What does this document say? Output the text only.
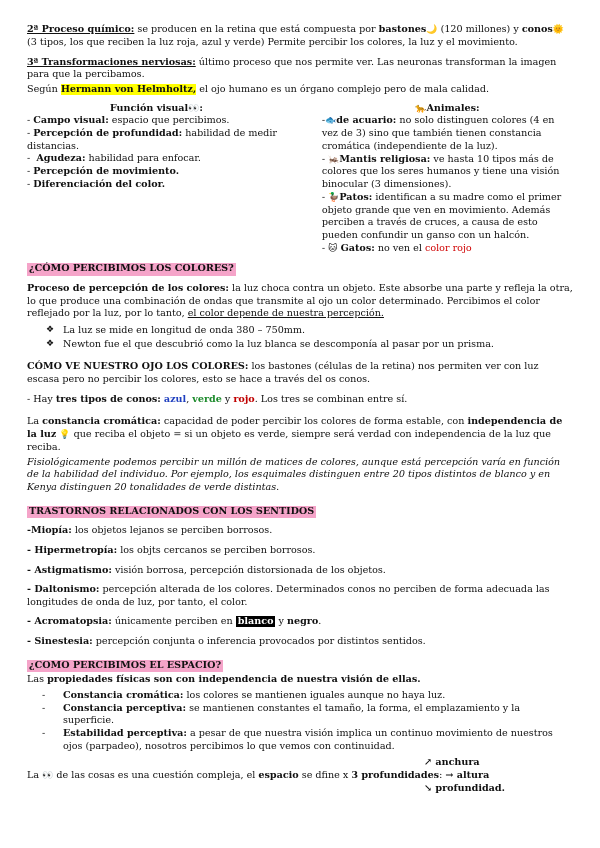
2ª Proceso químico: se producen en la retina que está compuesta por bastones🌙 (120 millones) y conos🌞 (3 tipos, los que reciben la luz roja, azul y verde) Permite percibir los colores, la luz y el movimiento.

3ª Transformaciones nerviosas: último proceso que nos permite ver. Las neuronas transforman la imagen para que la percibamos.

Según Hermann von Helmholtz, el ojo humano es un órgano complejo pero de mala calidad.

Función visual👀:

- Campo visual: espacio que percibimos.

- Percepción de profundidad: habilidad de medir distancias.

-  Agudeza: habilidad para enfocar.

- Percepción de movimiento.

- Diferenciación del color.

🐆Animales:

-🐟de acuario: no solo distinguen colores (4 en vez de 3) sino que también tienen constancia cromática (independiente de la luz).

- 🦗Mantis religiosa: ve hasta 10 tipos más de colores que los seres humanos y tiene una visión binocular (3 dimensiones).

- 🦆Patos: identifican a su madre como el primer objeto grande que ven en movimiento. Además perciben a través de cruces, a causa de esto pueden confundir un ganso con un halcón.

- 🐱 Gatos: no ven el color rojo

¿CÓMO PERCIBIMOS LOS COLORES?

Proceso de percepción de los colores: la luz choca contra un objeto. Este absorbe una parte y refleja la otra, lo que produce una combinación de ondas que transmite al ojo un color determinado. Percibimos el color reflejado por la luz, por lo tanto, el color depende de nuestra percepción.

❖ La luz se mide en longitud de onda 380 – 750mm.
❖ Newton fue el que descubrió como la luz blanca se descomponía al pasar por un prisma.

CÓMO VE NUESTRO OJO LOS COLORES: los bastones (células de la retina) nos permiten ver con luz escasa pero no percibir los colores, esto se hace a través del os conos.

- Hay tres tipos de conos: azul, verde y rojo. Los tres se combinan entre sí.

La constancia cromática: capacidad de poder percibir los colores de forma estable, con independencia de la luz 💡 que reciba el objeto = si un objeto es verde, siempre será verdad con independencia de la luz que reciba.

Fisiológicamente podemos percibir un millón de matices de colores, aunque está percepción varía en función de la habilidad del individuo. Por ejemplo, los esquimales distinguen entre 20 tipos distintos de blanco y en Kenya distinguen 20 tonalidades de verde distintas.

TRASTORNOS RELACIONADOS CON LOS SENTIDOS

-Miopía: los objetos lejanos se perciben borrosos.

- Hipermetropía: los objts cercanos se perciben borrosos.

- Astigmatismo: visión borrosa, percepción distorsionada de los objetos.

- Daltonismo: percepción alterada de los colores. Determinados conos no perciben de forma adecuada las longitudes de onda de luz, por tanto, el color.

- Acromatopsia: únicamente perciben en blanco y negro.

- Sinestesia: percepción conjunta o inferencia provocados por distintos sentidos.

¿COMO PERCIBIMOS EL ESPACIO?

Las propiedades físicas son con independencia de nuestra visión de ellas.

- Constancia cromática: los colores se mantienen iguales aunque no haya luz.
- Constancia perceptiva: se mantienen constantes el tamaño, la forma, el emplazamiento y la superficie.
- Estabilidad perceptiva: a pesar de que nuestra visión implica un continuo movimiento de nuestros ojos (parpadeo), nosotros percibimos lo que vemos con continuidad.
↗ anchura

La 👀 de las cosas es una cuestión compleja, el espacio se dfine x 3 profundidades: → altura

↘ profundidad.
